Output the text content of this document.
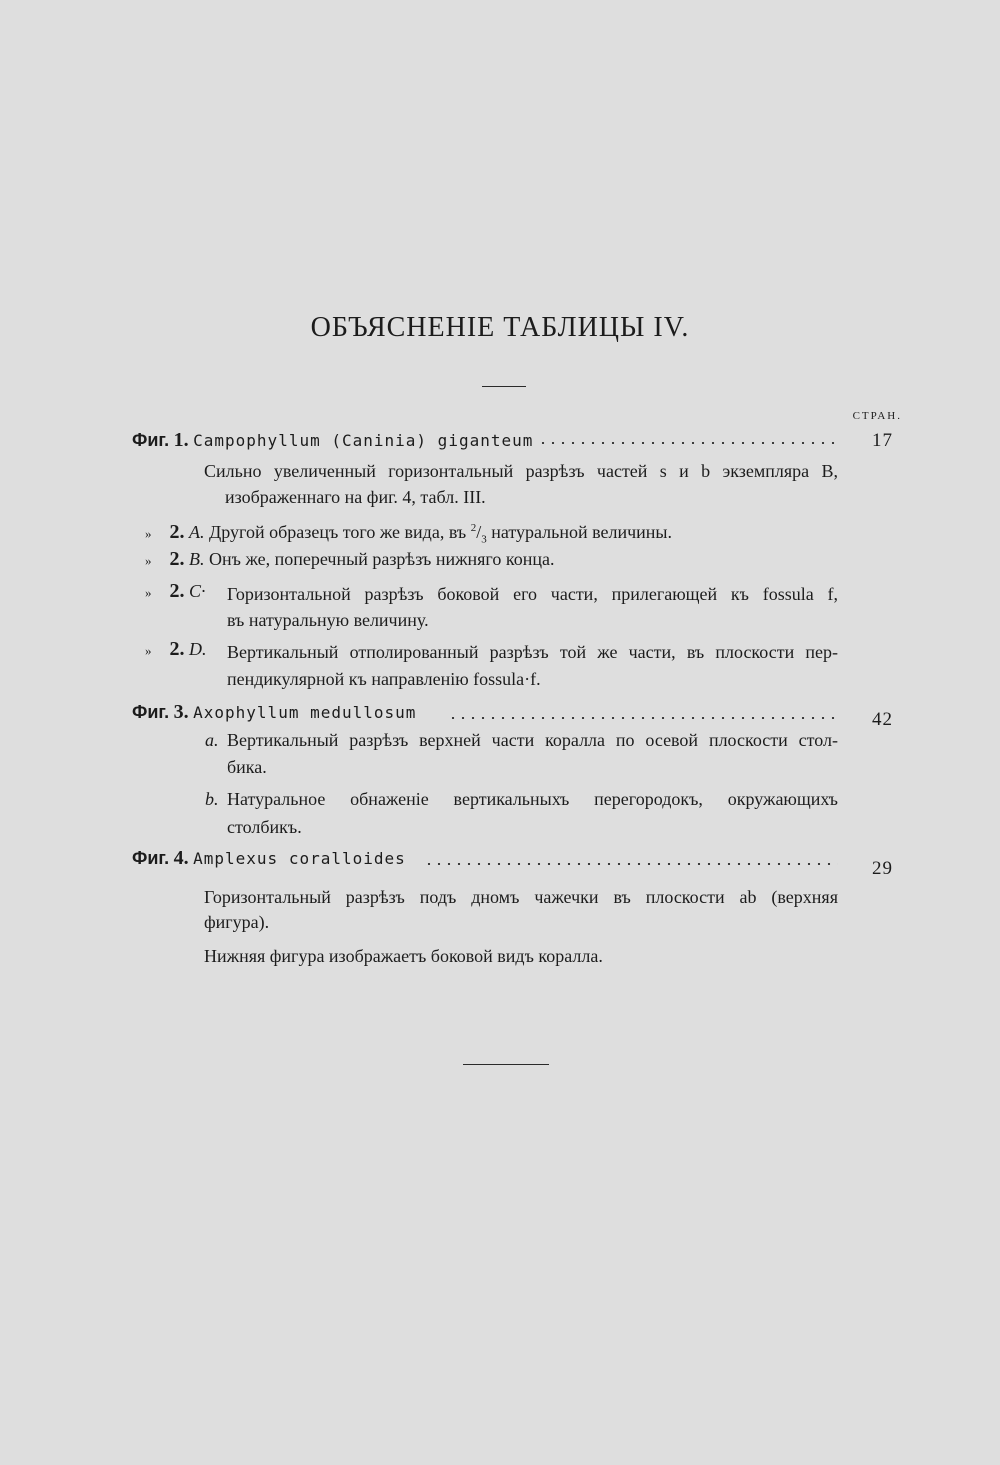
ОБЪЯСНЕНІЕ ТАБЛИЦЫ IV.
СТРАН.
Фиг. 1. Campophyllum (Caninia) giganteum	17
Сильно увеличенный горизонтальный разрѣзъ частей s и b экземпляра B,
изображеннаго на фиг. 4, табл. III.
» 2. A. Другой образецъ того же вида, въ $^2/_3$ натуральной величины.
» 2. B. Онъ же, поперечный разрѣзъ нижняго конца.
» 2. C· Горизонтальной разрѣзъ боковой его части, прилегающей къ fossula f,
въ натуральную величину.
» 2. D. Вертикальный отполированный разрѣзъ той же части, въ плоскости пер-
пендикулярной къ направленію fossula·f.
Фиг. 3. Axophyllum medullosum	42
a. Вертикальный разрѣзъ верхней части коралла по осевой плоскости стол-
бика.
b. Натуральное обнаженіе вертикальныхъ перегородокъ, окружающихъ
столбикъ.
Фиг. 4. Amplexus coralloides	29
Горизонтальный разрѣзъ подъ дномъ чажечки въ плоскости ab (верхняя
фигура).
Нижняя фигура изображаетъ боковой видъ коралла.
